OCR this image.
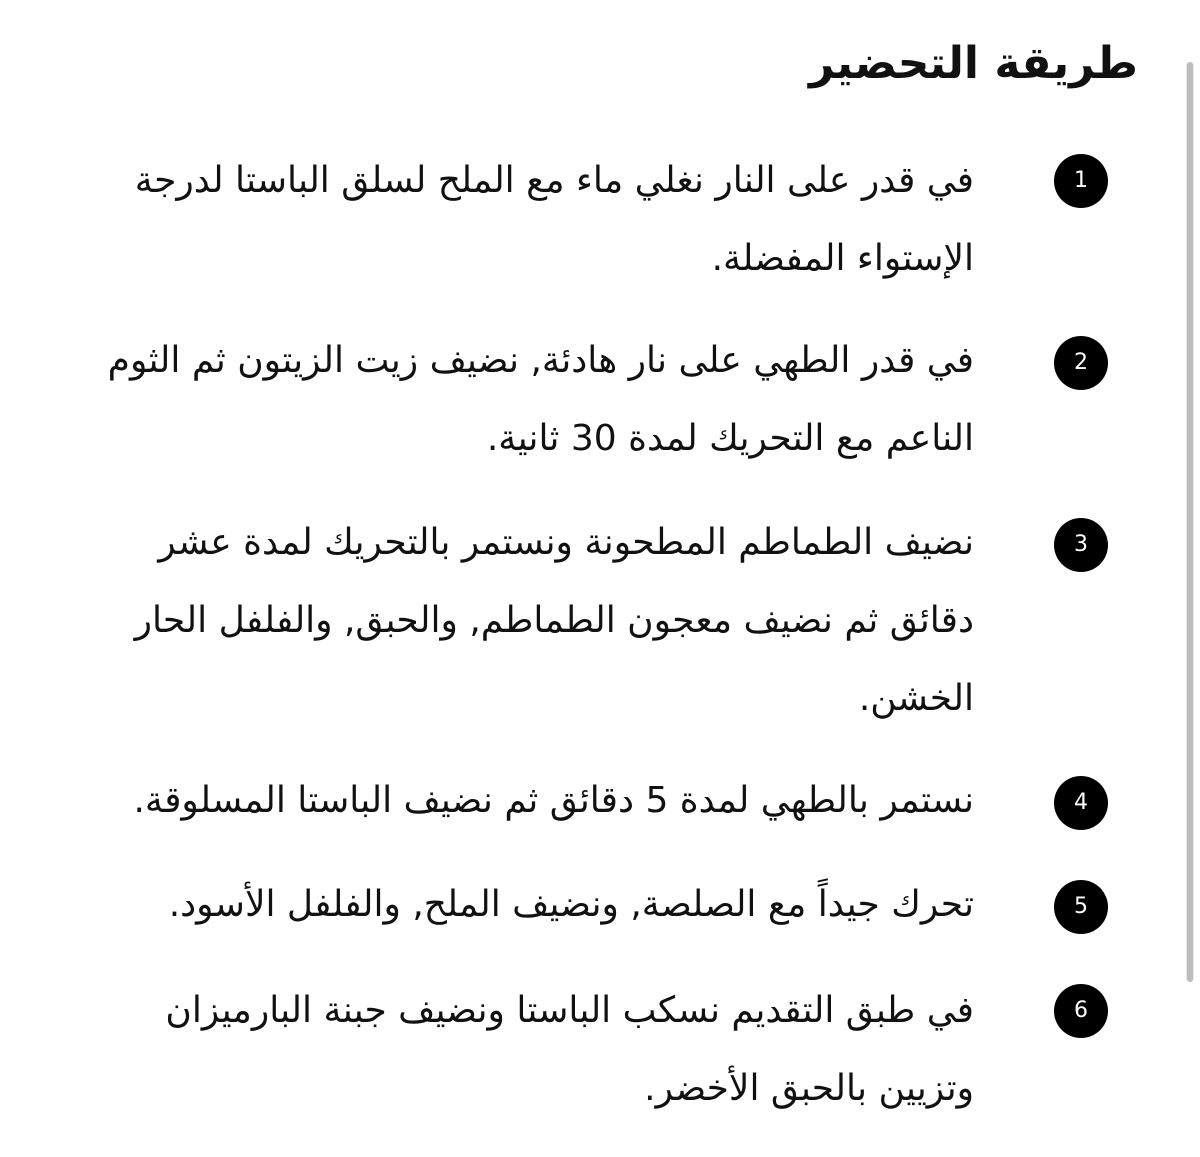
طريقة التحضير
1

في قدر على النار نغلي ماء مع الملح لسلق الباستا لدرجة الإستواء المفضلة.

2

في قدر الطهي على نار هادئة, نضيف زيت الزيتون ثم الثوم الناعم مع التحريك لمدة 30 ثانية.

3

نضيف الطماطم المطحونة ونستمر بالتحريك لمدة عشر دقائق ثم نضيف معجون الطماطم, والحبق, والفلفل الحار الخشن.

4

نستمر بالطهي لمدة 5 دقائق ثم نضيف الباستا المسلوقة.

5

تحرك جيداً مع الصلصة, ونضيف الملح, والفلفل الأسود.

6

في طبق التقديم نسكب الباستا ونضيف جبنة البارميزان وتزيين بالحبق الأخضر.
